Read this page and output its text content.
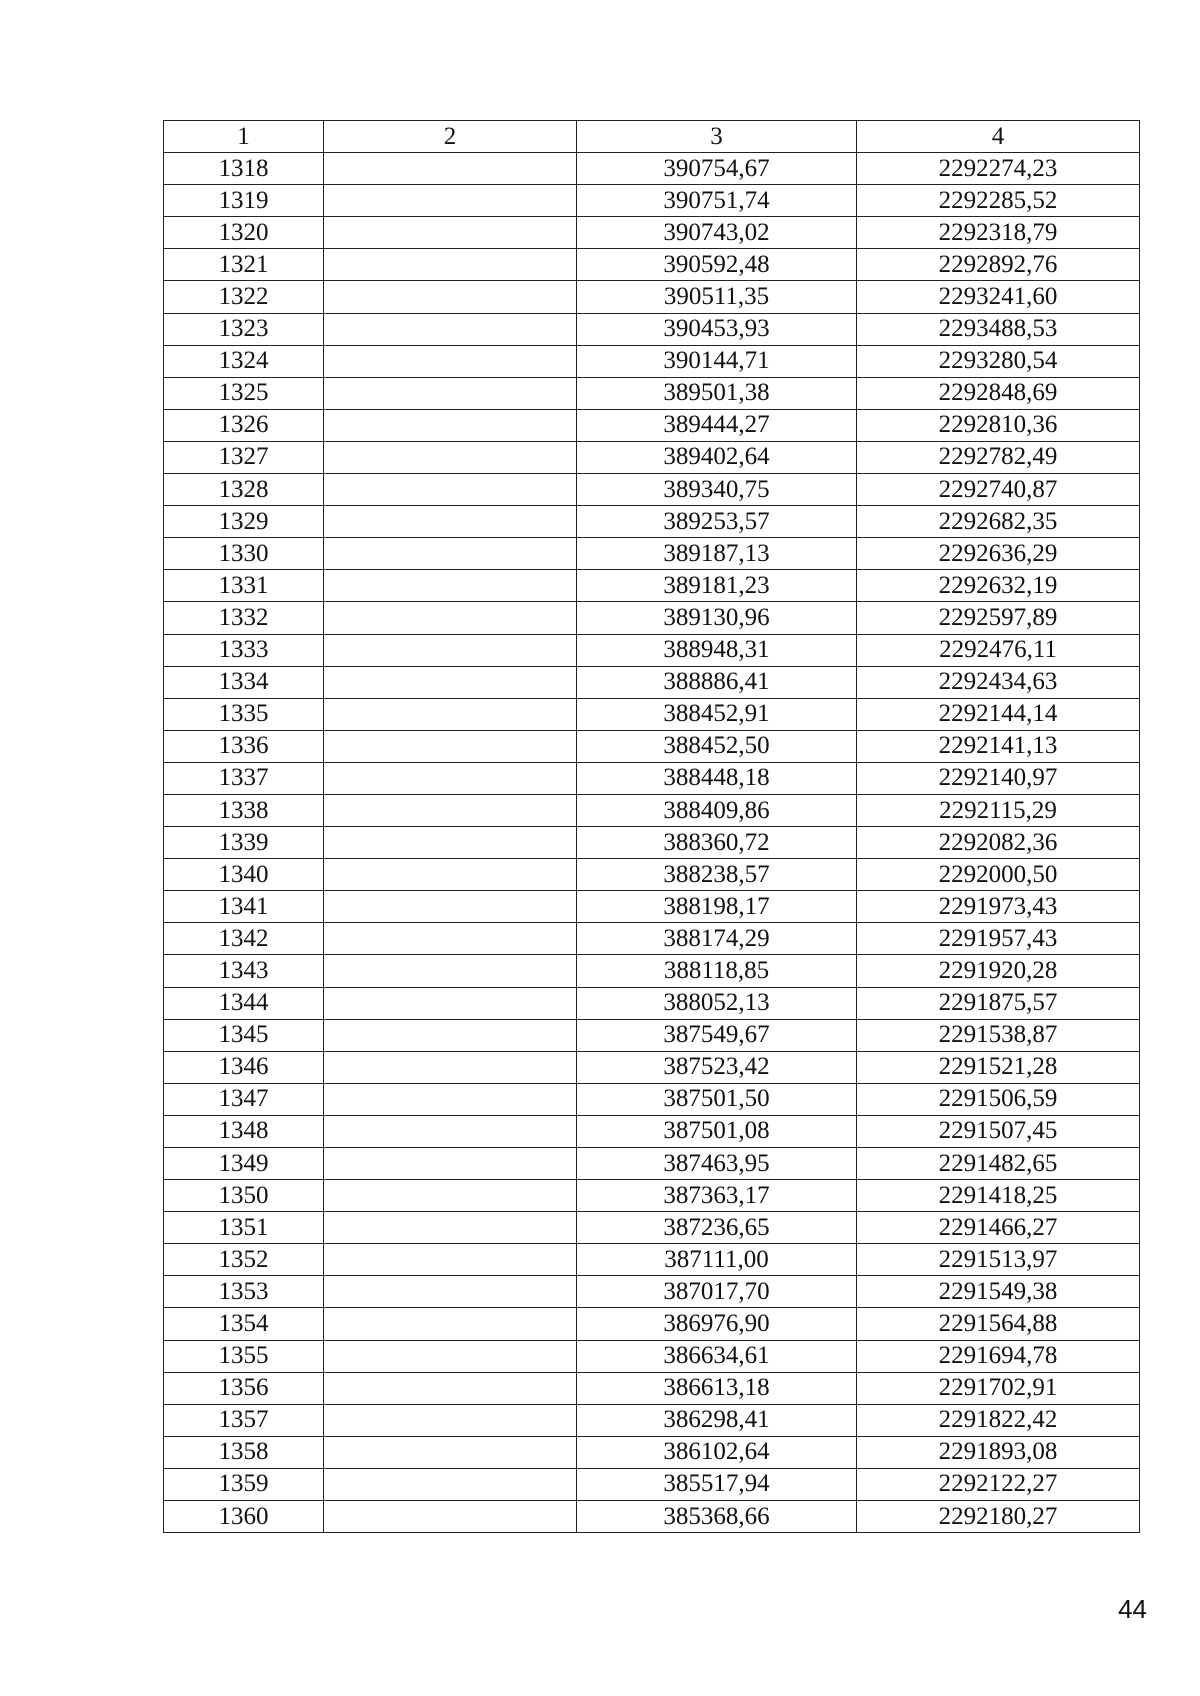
1	2	3	4
1318		390754,67	2292274,23
1319		390751,74	2292285,52
1320		390743,02	2292318,79
1321		390592,48	2292892,76
1322		390511,35	2293241,60
1323		390453,93	2293488,53
1324		390144,71	2293280,54
1325		389501,38	2292848,69
1326		389444,27	2292810,36
1327		389402,64	2292782,49
1328		389340,75	2292740,87
1329		389253,57	2292682,35
1330		389187,13	2292636,29
1331		389181,23	2292632,19
1332		389130,96	2292597,89
1333		388948,31	2292476,11
1334		388886,41	2292434,63
1335		388452,91	2292144,14
1336		388452,50	2292141,13
1337		388448,18	2292140,97
1338		388409,86	2292115,29
1339		388360,72	2292082,36
1340		388238,57	2292000,50
1341		388198,17	2291973,43
1342		388174,29	2291957,43
1343		388118,85	2291920,28
1344		388052,13	2291875,57
1345		387549,67	2291538,87
1346		387523,42	2291521,28
1347		387501,50	2291506,59
1348		387501,08	2291507,45
1349		387463,95	2291482,65
1350		387363,17	2291418,25
1351		387236,65	2291466,27
1352		387111,00	2291513,97
1353		387017,70	2291549,38
1354		386976,90	2291564,88
1355		386634,61	2291694,78
1356		386613,18	2291702,91
1357		386298,41	2291822,42
1358		386102,64	2291893,08
1359		385517,94	2292122,27
1360		385368,66	2292180,27
44
